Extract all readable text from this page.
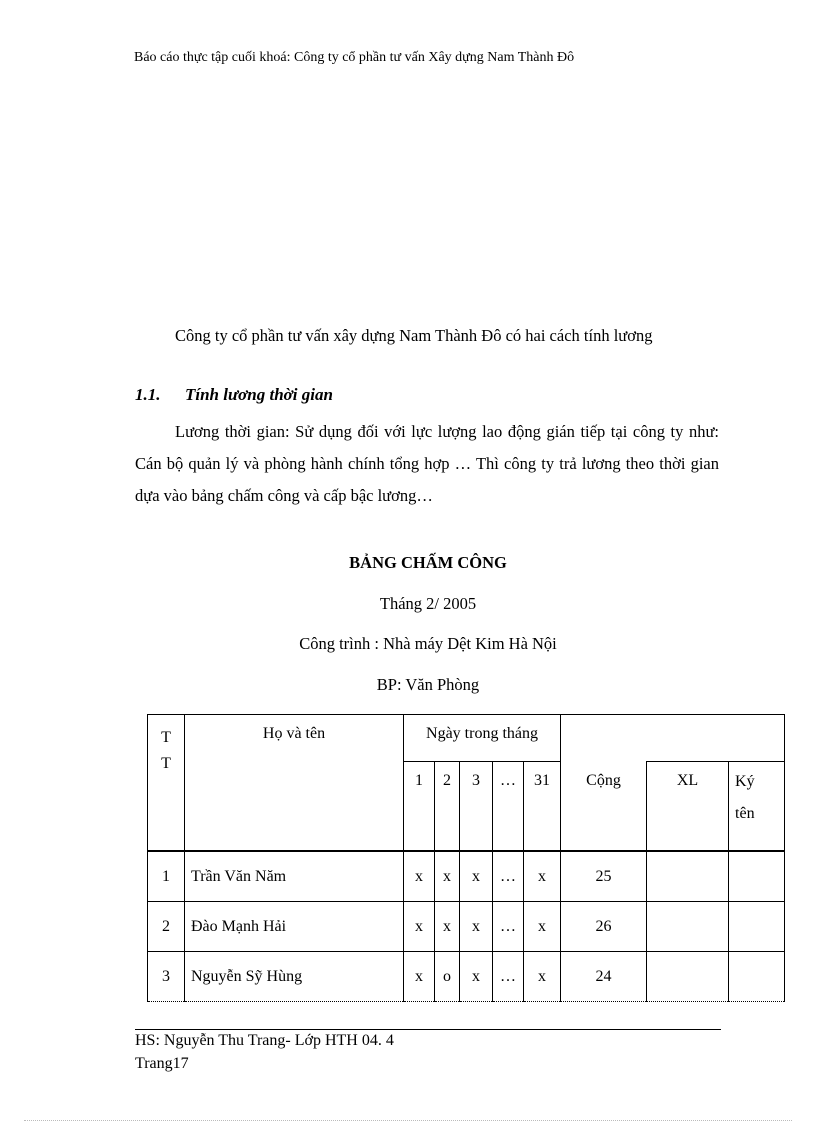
Báo cáo thực tập cuối khoá: Công ty cổ phần tư vấn Xây dựng Nam Thành Đô
Công ty cổ phần tư vấn xây dựng Nam Thành Đô có hai cách tính lương
1.1. Tính lương thời gian
Lương thời gian: Sử dụng đối với lực lượng lao động gián tiếp tại công ty như: Cán bộ quản lý và phòng hành chính tổng hợp … Thì công ty trả lương theo thời gian dựa vào bảng chấm công và cấp bậc lương…
BẢNG CHẤM CÔNG
Tháng 2/ 2005
Công trình : Nhà máy Dệt Kim Hà Nội
BP: Văn Phòng
T T	Họ và tên	Ngày trong tháng							

		1	2	3	…	31	Cộng	XL	Ký tên

1	Trần Văn Năm	x	x	x	…	x	25		
2	Đào Mạnh Hải	x	x	x	…	x	26		
3	Nguyễn Sỹ Hùng	x	o	x	…	x	24		
HS: Nguyễn Thu Trang- Lớp HTH 04. 4
Trang17
